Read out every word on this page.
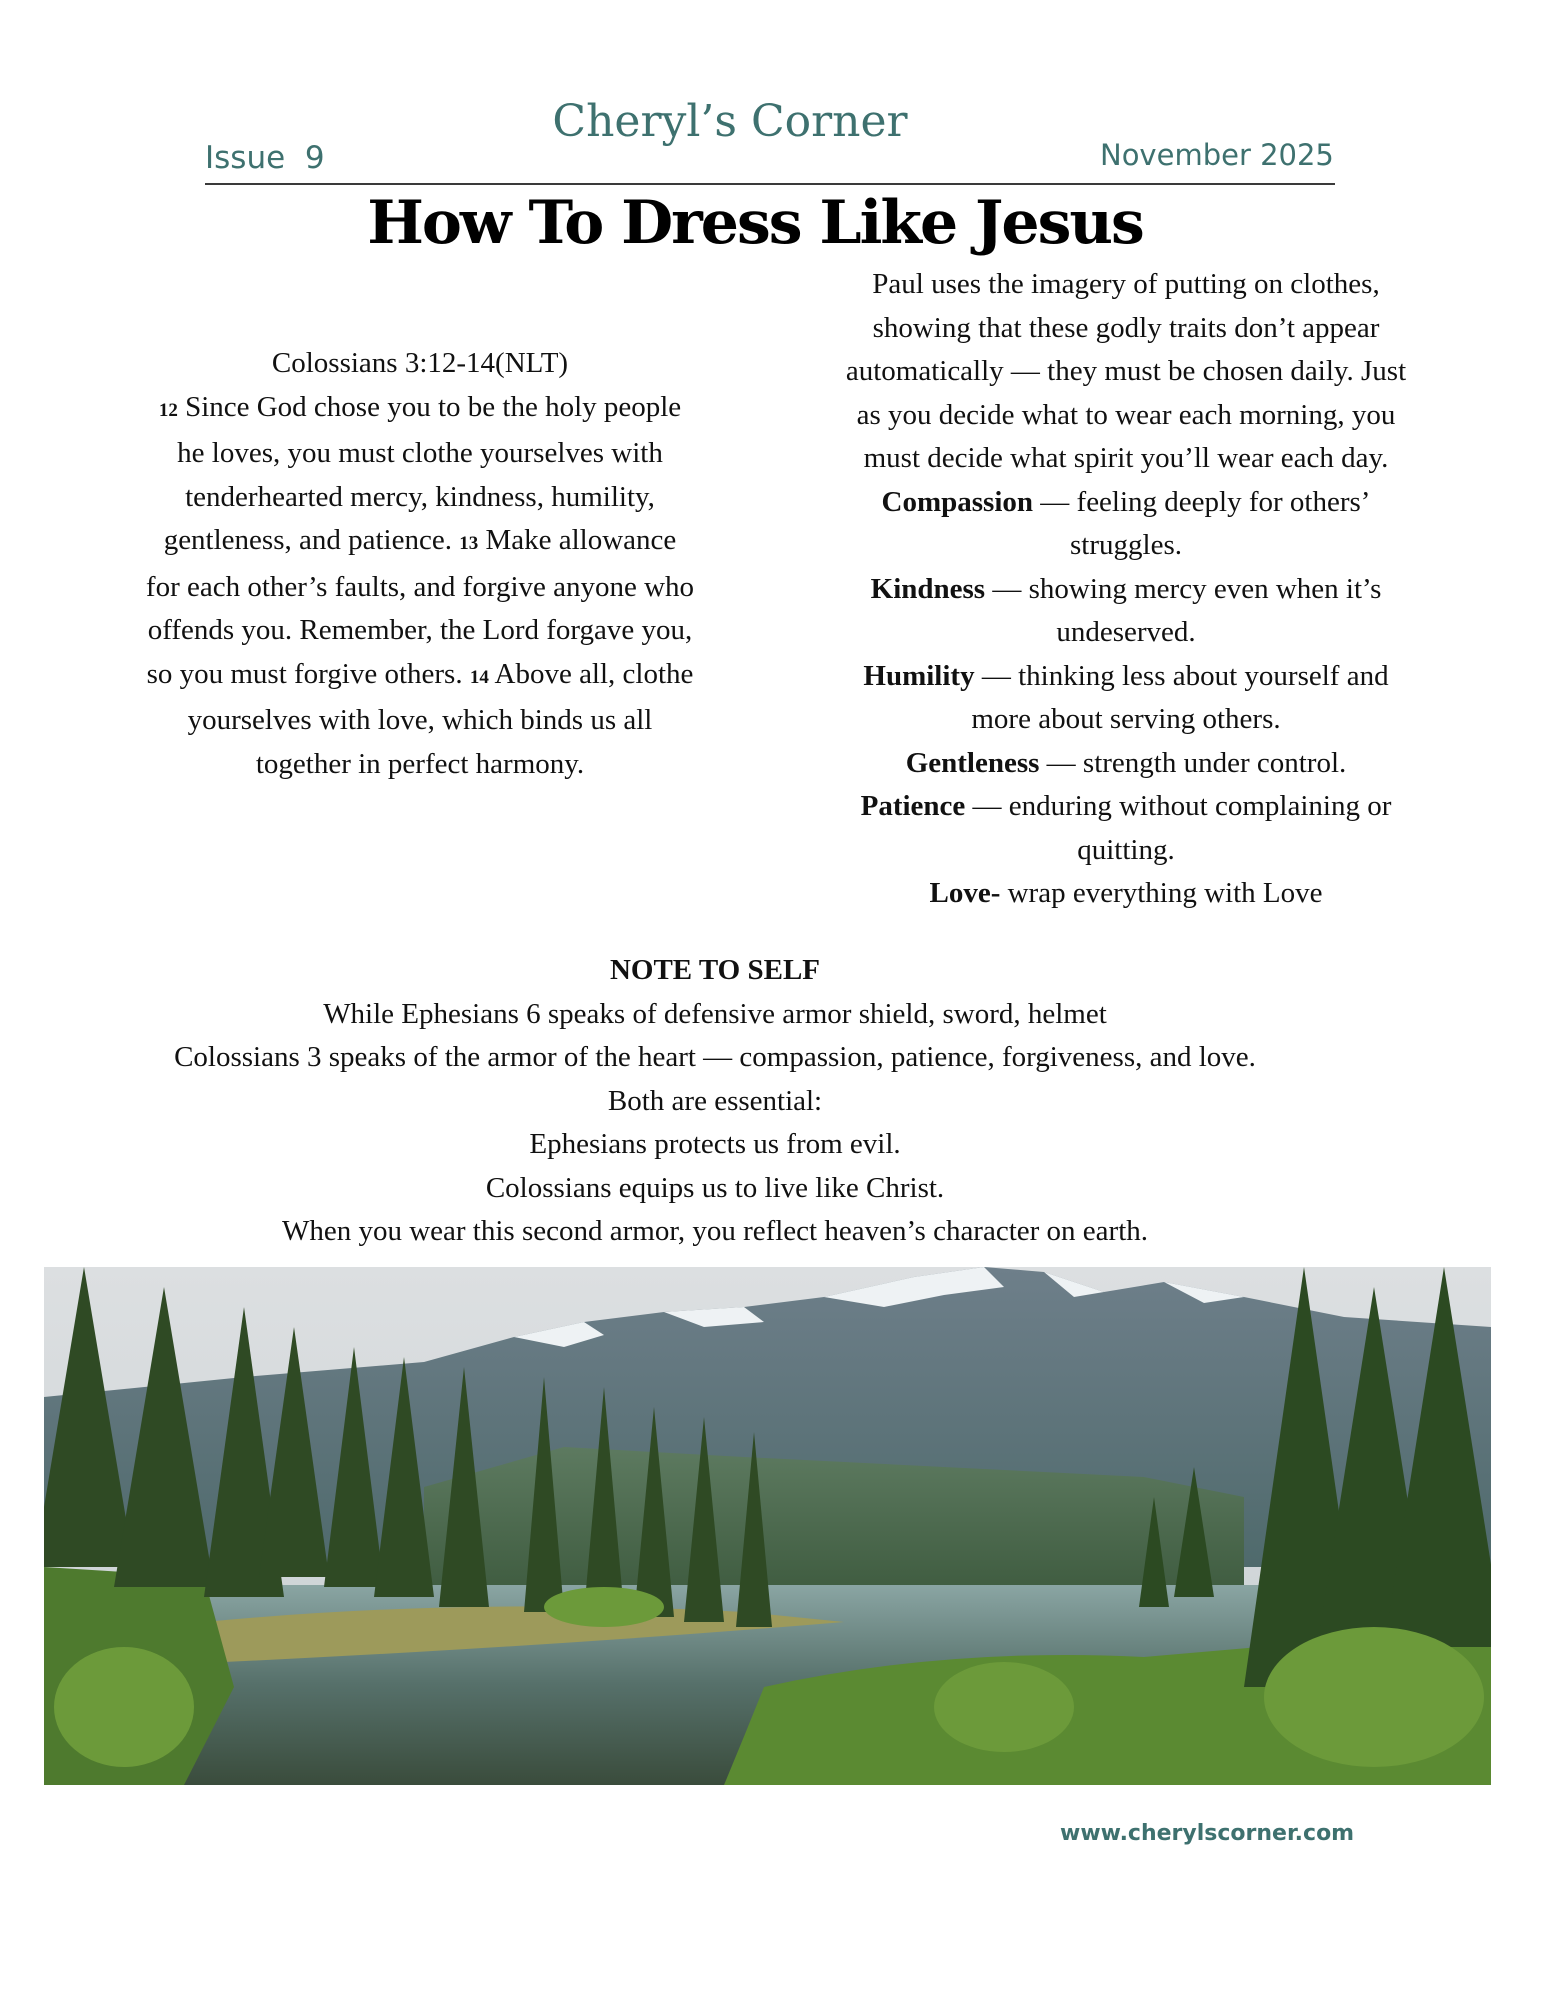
Cheryl’s Corner
Issue  9	November 2025
How To Dress Like Jesus

Colossians 3:12-14(NLT)

12 Since God chose you to be the holy people he loves, you must clothe yourselves with tenderhearted mercy, kindness, humility, gentleness, and patience. 13 Make allowance for each other’s faults, and forgive anyone who offends you. Remember, the Lord forgave you, so you must forgive others. 14 Above all, clothe yourselves with love, which binds us all together in perfect harmony.

Paul uses the imagery of putting on clothes, showing that these godly traits don’t appear automatically — they must be chosen daily. Just as you decide what to wear each morning, you must decide what spirit you’ll wear each day.

Compassion — feeling deeply for others’ struggles.

Kindness — showing mercy even when it’s undeserved.

Humility — thinking less about yourself and more about serving others.

Gentleness — strength under control.

Patience — enduring without complaining or quitting.

Love- wrap everything with Love

NOTE TO SELF

While Ephesians 6 speaks of defensive armor shield, sword, helmet

Colossians 3 speaks of the armor of the heart — compassion, patience, forgiveness, and love.

Both are essential:

Ephesians protects us from evil.

Colossians equips us to live like Christ.

When you wear this second armor, you reflect heaven’s character on earth.

www.cherylscorner.com
